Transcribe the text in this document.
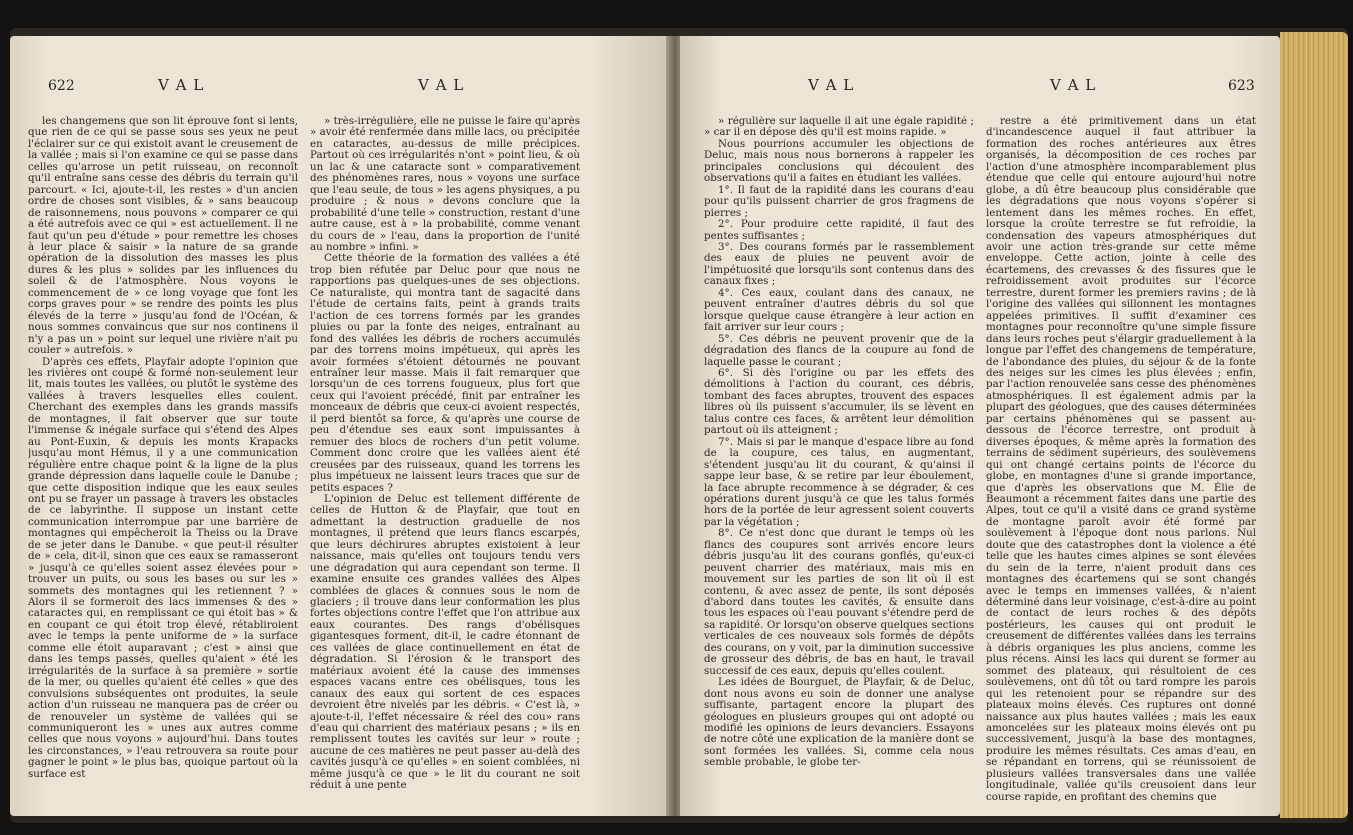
622	V A L	V A L

les changemens que son lit éprouve font si lents, que rien de ce qui se passe sous ses yeux ne peut l'éclairer sur ce qui existoit avant le creusement de la vallée ; mais si l'on examine ce qui se passe dans celles qu'arrose un petit ruisseau, on reconnoît qu'il entraîne sans cesse des débris du terrain qu'il parcourt. « Ici, ajoute-t-il, les restes » d'un ancien ordre de choses sont visibles, & » sans beaucoup de raisonnemens, nous pouvons » comparer ce qui a été autrefois avec ce qui » est actuellement. Il ne faut qu'un peu d'étude » pour remettre les choses à leur place & saisir » la nature de sa grande opération de la dissolution des masses les plus dures & les plus » solides par les influences du soleil & de l'atmosphère. Nous voyons le commencement de » ce long voyage que font les corps graves pour » se rendre des points les plus élevés de la terre » jusqu'au fond de l'Océan, & nous sommes convaincus que sur nos continens il n'y a pas un » point sur lequel une rivière n'ait pu couler » autrefois. »

D'après ces effets, Playfair adopte l'opinion que les rivières ont coupé & formé non-seulement leur lit, mais toutes les vallées, ou plutôt le système des vallées à travers lesquelles elles coulent. Cherchant des exemples dans les grands massifs de montagnes, il fait observer que sur toute l'immense & inégale surface qui s'étend des Alpes au Pont-Euxin, & depuis les monts Krapacks jusqu'au mont Hémus, il y a une communication régulière entre chaque point & la ligne de la plus grande dépression dans laquelle coule le Danube ; que cette disposition indique que les eaux seules ont pu se frayer un passage à travers les obstacles de ce labyrinthe. Il suppose un instant cette communication interrompue par une barrière de montagnes qui empêcheroit la Theiss ou la Drave de se jeter dans le Danube. « que peut-il résulter de » cela, dit-il, sinon que ces eaux se ramasseront » jusqu'à ce qu'elles soient assez élevées pour » trouver un puits, ou sous les bases ou sur les » sommets des montagnes qui les retiennent ? » Alors il se formeroit des lacs immenses & des » cataractes qui, en remplissant ce qui étoit bas » & en coupant ce qui étoit trop élevé, rétabliroient avec le temps la pente uniforme de » la surface comme elle étoit auparavant ; c'est » ainsi que dans les temps passés, quelles qu'aient » été les irrégularités de la surface à sa première » sortie de la mer, ou quelles qu'aient été celles » que des convulsions subséquentes ont produites, la seule action d'un ruisseau ne manquera pas de créer ou de renouveler un système de vallées qui se communiqueront les » unes aux autres comme celles que nous voyons » aujourd'hui. Dans toutes les circonstances, » l'eau retrouvera sa route pour gagner le point » le plus bas, quoique partout où la surface est

» très-irrégulière, elle ne puisse le faire qu'après » avoir été renfermée dans mille lacs, ou précipitée en cataractes, au-dessus de mille précipices. Partout où ces irrégularités n'ont » point lieu, & où un lac & une cataracte sont » comparativement des phénomènes rares, nous » voyons une surface que l'eau seule, de tous » les agens physiques, a pu produire ; & nous » devons conclure que la probabilité d'une telle » construction, restant d'une autre cause, est à » la probabilité, comme venant du cours de » l'eau, dans la proportion de l'unité au nombre » infini. »

Cette théorie de la formation des vallées a été trop bien réfutée par Deluc pour que nous ne rapportions pas quelques-unes de ses objections. Ce naturaliste, qui montra tant de sagacité dans l'étude de certains faits, peint à grands traits l'action de ces torrens formés par les grandes pluies ou par la fonte des neiges, entraînant au fond des vallées les débris de rochers accumulés par des torrens moins impétueux, qui après les avoir formées s'étoient détournés ne pouvant entraîner leur masse. Mais il fait remarquer que lorsqu'un de ces torrens fougueux, plus fort que ceux qui l'avoient précédé, finit par entraîner les monceaux de débris que ceux-ci avoient respectés, il perd bientôt sa force, & qu'après une course de peu d'étendue ses eaux sont impuissantes à remuer des blocs de rochers d'un petit volume. Comment donc croire que les vallées aient été creusées par des ruisseaux, quand les torrens les plus impétueux ne laissent leurs traces que sur de petits espaces ?

L'opinion de Deluc est tellement différente de celles de Hutton & de Playfair, que tout en admettant la destruction graduelle de nos montagnes, il prétend que leurs flancs escarpés, que leurs déchirures abruptes existoient à leur naissance, mais qu'elles ont toujours tendu vers une dégradation qui aura cependant son terme. Il examine ensuite ces grandes vallées des Alpes comblées de glaces & connues sous le nom de glaciers ; il trouve dans leur conformation les plus fortes objections contre l'effet que l'on attribue aux eaux courantes. Des rangs d'obélisques gigantesques forment, dit-il, le cadre étonnant de ces vallées de glace continuellement en état de dégradation. Si l'érosion & le transport des matériaux avoient été la cause des immenses espaces vacans entre ces obélisques, tous les canaux des eaux qui sortent de ces espaces devroient être nivelés par les débris. « C'est là, » ajoute-t-il, l'effet nécessaire & réel des cou» rans d'eau qui charrient des matériaux pesans ; » ils en remplissent toutes les cavités sur leur » route ; aucune de ces matières ne peut passer au-delà des cavités jusqu'à ce qu'elles » en soient comblées, ni même jusqu'à ce que » le lit du courant ne soit réduit à une pente

V A L	V A L	623

» régulière sur laquelle il ait une égale rapidité ; » car il en dépose dès qu'il est moins rapide. »

Nous pourrions accumuler les objections de Deluc, mais nous nous bornerons à rappeler les principales conclusions qui découlent des observations qu'il a faites en étudiant les vallées.

1°. Il faut de la rapidité dans les courans d'eau pour qu'ils puissent charrier de gros fragmens de pierres ;

2°. Pour produire cette rapidité, il faut des pentes suffisantes ;

3°. Des courans formés par le rassemblement des eaux de pluies ne peuvent avoir de l'impétuosité que lorsqu'ils sont contenus dans des canaux fixes ;

4°. Ces eaux, coulant dans des canaux, ne peuvent entraîner d'autres débris du sol que lorsque quelque cause étrangère à leur action en fait arriver sur leur cours ;

5°. Ces débris ne peuvent provenir que de la dégradation des flancs de la coupure au fond de laquelle passe le courant ;

6°. Si dès l'origine ou par les effets des démolitions à l'action du courant, ces débris, tombant des faces abruptes, trouvent des espaces libres où ils puissent s'accumuler, ils se lèvent en talus contre ces faces, & arrêtent leur démolition partout où ils atteignent ;

7°. Mais si par le manque d'espace libre au fond de la coupure, ces talus, en augmentant, s'étendent jusqu'au lit du courant, & qu'ainsi il sappe leur base, & se retire par leur éboulement, la face abrupte recommence à se dégrader, & ces opérations durent jusqu'à ce que les talus formés hors de la portée de leur agressent soient couverts par la végétation ;

8°. Ce n'est donc que durant le temps où les flancs des coupures sont arrivés encore leurs débris jusqu'au lit des courans gonflés, qu'eux-ci peuvent charrier des matériaux, mais mis en mouvement sur les parties de son lit où il est contenu, & avec assez de pente, ils sont déposés d'abord dans toutes les cavités, & ensuite dans tous les espaces où l'eau pouvant s'étendre perd de sa rapidité. Or lorsqu'on observe quelques sections verticales de ces nouveaux sols formés de dépôts des courans, on y voit, par la diminution successive de grosseur des débris, de bas en haut, le travail successif de ces eaux, depuis qu'elles coulent.

Les idées de Bourguet, de Playfair, & de Deluc, dont nous avons eu soin de donner une analyse suffisante, partagent encore la plupart des géologues en plusieurs groupes qui ont adopté ou modifié les opinions de leurs devanciers. Essayons de notre côté une explication de la manière dont se sont formées les vallées. Si, comme cela nous semble probable, le globe ter-

restre a été primitivement dans un état d'incandescence auquel il faut attribuer la formation des roches antérieures aux êtres organisés, la décomposition de ces roches par l'action d'une atmosphère incomparablement plus étendue que celle qui entoure aujourd'hui notre globe, a dû être beaucoup plus considérable que les dégradations que nous voyons s'opérer si lentement dans les mêmes roches. En effet, lorsque la croûte terrestre se fut refroidie, la condensation des vapeurs atmosphériques dut avoir une action très-grande sur cette même enveloppe. Cette action, jointe à celle des écartemens, des crevasses & des fissures que le refroidissement avoit produites sur l'écorce terrestre, durent former les premiers ravins ; de là l'origine des vallées qui sillonnent les montagnes appelées primitives. Il suffit d'examiner ces montagnes pour reconnoître qu'une simple fissure dans leurs roches peut s'élargir graduellement à la longue par l'effet des changemens de température, de l'abondance des pluies, du séjour & de la fonte des neiges sur les cimes les plus élevées ; enfin, par l'action renouvelée sans cesse des phénomènes atmosphériques. Il est également admis par la plupart des géologues, que des causes déterminées par certains phénomènes qui se passent au-dessous de l'écorce terrestre, ont produit à diverses époques, & même après la formation des terrains de sédiment supérieurs, des soulèvemens qui ont changé certains points de l'écorce du globe, en montagnes d'une si grande importance, que d'après les observations que M. Élie de Beaumont a récemment faites dans une partie des Alpes, tout ce qu'il a visité dans ce grand système de montagne paroît avoir été formé par soulèvement à l'époque dont nous parlons. Nul doute que des catastrophes dont la violence a été telle que les hautes cimes alpines se sont élevées du sein de la terre, n'aient produit dans ces montagnes des écartemens qui se sont changés avec le temps en immenses vallées, & n'aient déterminé dans leur voisinage, c'est-à-dire au point de contact de leurs roches & des dépôts postérieurs, les causes qui ont produit le creusement de différentes vallées dans les terrains à débris organiques les plus anciens, comme les plus récens. Ainsi les lacs qui durent se former au sommet des plateaux, qui résultoient de ces soulèvemens, ont dû tôt ou tard rompre les parois qui les retenoient pour se répandre sur des plateaux moins élevés. Ces ruptures ont donné naissance aux plus hautes vallées ; mais les eaux amoncelées sur les plateaux moins élevés ont pu successivement, jusqu'à la base des montagnes, produire les mêmes résultats. Ces amas d'eau, en se répandant en torrens, qui se réunissoient de plusieurs vallées transversales dans une vallée longitudinale, vallée qu'ils creusoient dans leur course rapide, en profitant des chemins que
